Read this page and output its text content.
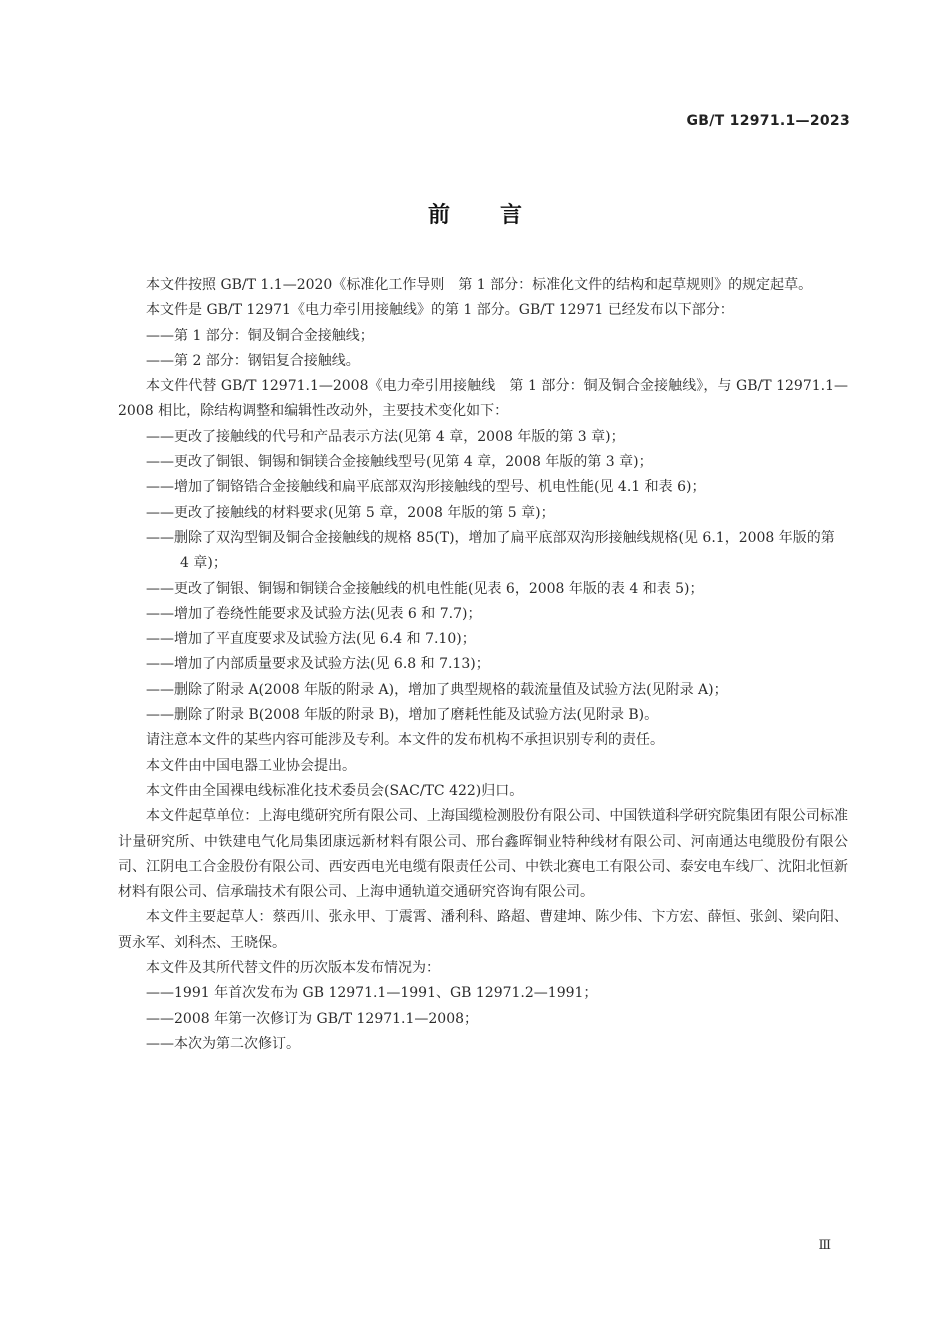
GB/T 12971.1—2023
前 言

本文件按照 GB/T 1.1—2020《标准化工作导则　第 1 部分：标准化文件的结构和起草规则》的规定起草。

本文件是 GB/T 12971《电力牵引用接触线》的第 1 部分。GB/T 12971 已经发布以下部分：

——第 1 部分：铜及铜合金接触线；

——第 2 部分：钢铝复合接触线。

本文件代替 GB/T 12971.1—2008《电力牵引用接触线　第 1 部分：铜及铜合金接触线》，与 GB/T 12971.1—2008 相比，除结构调整和编辑性改动外，主要技术变化如下：

——更改了接触线的代号和产品表示方法(见第 4 章，2008 年版的第 3 章)；

——更改了铜银、铜锡和铜镁合金接触线型号(见第 4 章，2008 年版的第 3 章)；

——增加了铜铬锆合金接触线和扁平底部双沟形接触线的型号、机电性能(见 4.1 和表 6)；

——更改了接触线的材料要求(见第 5 章，2008 年版的第 5 章)；

——删除了双沟型铜及铜合金接触线的规格 85(T)，增加了扁平底部双沟形接触线规格(见 6.1，2008 年版的第 4 章)；

——更改了铜银、铜锡和铜镁合金接触线的机电性能(见表 6，2008 年版的表 4 和表 5)；

——增加了卷绕性能要求及试验方法(见表 6 和 7.7)；

——增加了平直度要求及试验方法(见 6.4 和 7.10)；

——增加了内部质量要求及试验方法(见 6.8 和 7.13)；

——删除了附录 A(2008 年版的附录 A)，增加了典型规格的载流量值及试验方法(见附录 A)；

——删除了附录 B(2008 年版的附录 B)，增加了磨耗性能及试验方法(见附录 B)。

请注意本文件的某些内容可能涉及专利。本文件的发布机构不承担识别专利的责任。

本文件由中国电器工业协会提出。

本文件由全国裸电线标准化技术委员会(SAC/TC 422)归口。

本文件起草单位：上海电缆研究所有限公司、上海国缆检测股份有限公司、中国铁道科学研究院集团有限公司标准计量研究所、中铁建电气化局集团康远新材料有限公司、邢台鑫晖铜业特种线材有限公司、河南通达电缆股份有限公司、江阴电工合金股份有限公司、西安西电光电缆有限责任公司、中铁北赛电工有限公司、泰安电车线厂、沈阳北恒新材料有限公司、信承瑞技术有限公司、上海申通轨道交通研究咨询有限公司。

本文件主要起草人：蔡西川、张永甲、丁震霄、潘利科、路超、曹建坤、陈少伟、卞方宏、薛恒、张剑、梁向阳、贾永军、刘科杰、王晓保。

本文件及其所代替文件的历次版本发布情况为：

——1991 年首次发布为 GB 12971.1—1991、GB 12971.2—1991；

——2008 年第一次修订为 GB/T 12971.1—2008；

——本次为第二次修订。

Ⅲ
